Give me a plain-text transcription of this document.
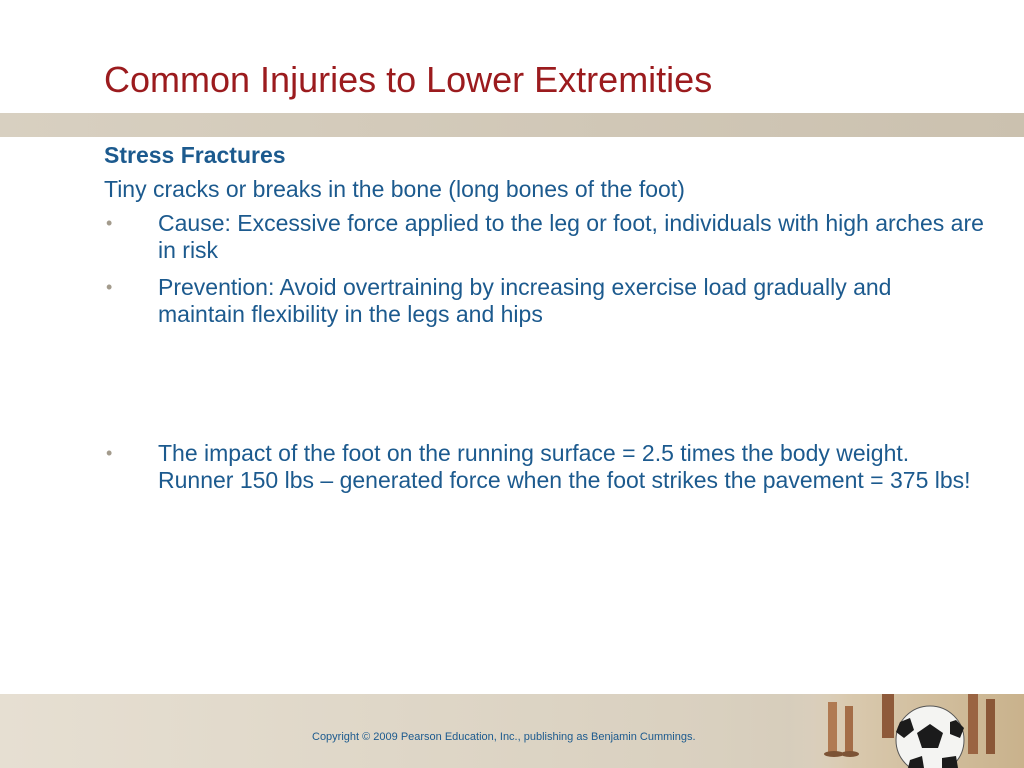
Common Injuries to Lower Extremities
Stress Fractures
Tiny cracks or breaks in the bone (long bones of the foot)
•	Cause: Excessive force applied to the leg or foot, individuals with high arches are in risk
•	Prevention: Avoid overtraining by increasing exercise load gradually and maintain flexibility in the legs and hips
•	The impact of the foot on the running surface = 2.5 times the body weight. Runner 150 lbs – generated force when the foot strikes the pavement = 375 lbs!
Copyright © 2009 Pearson Education, Inc., publishing as Benjamin Cummings.
